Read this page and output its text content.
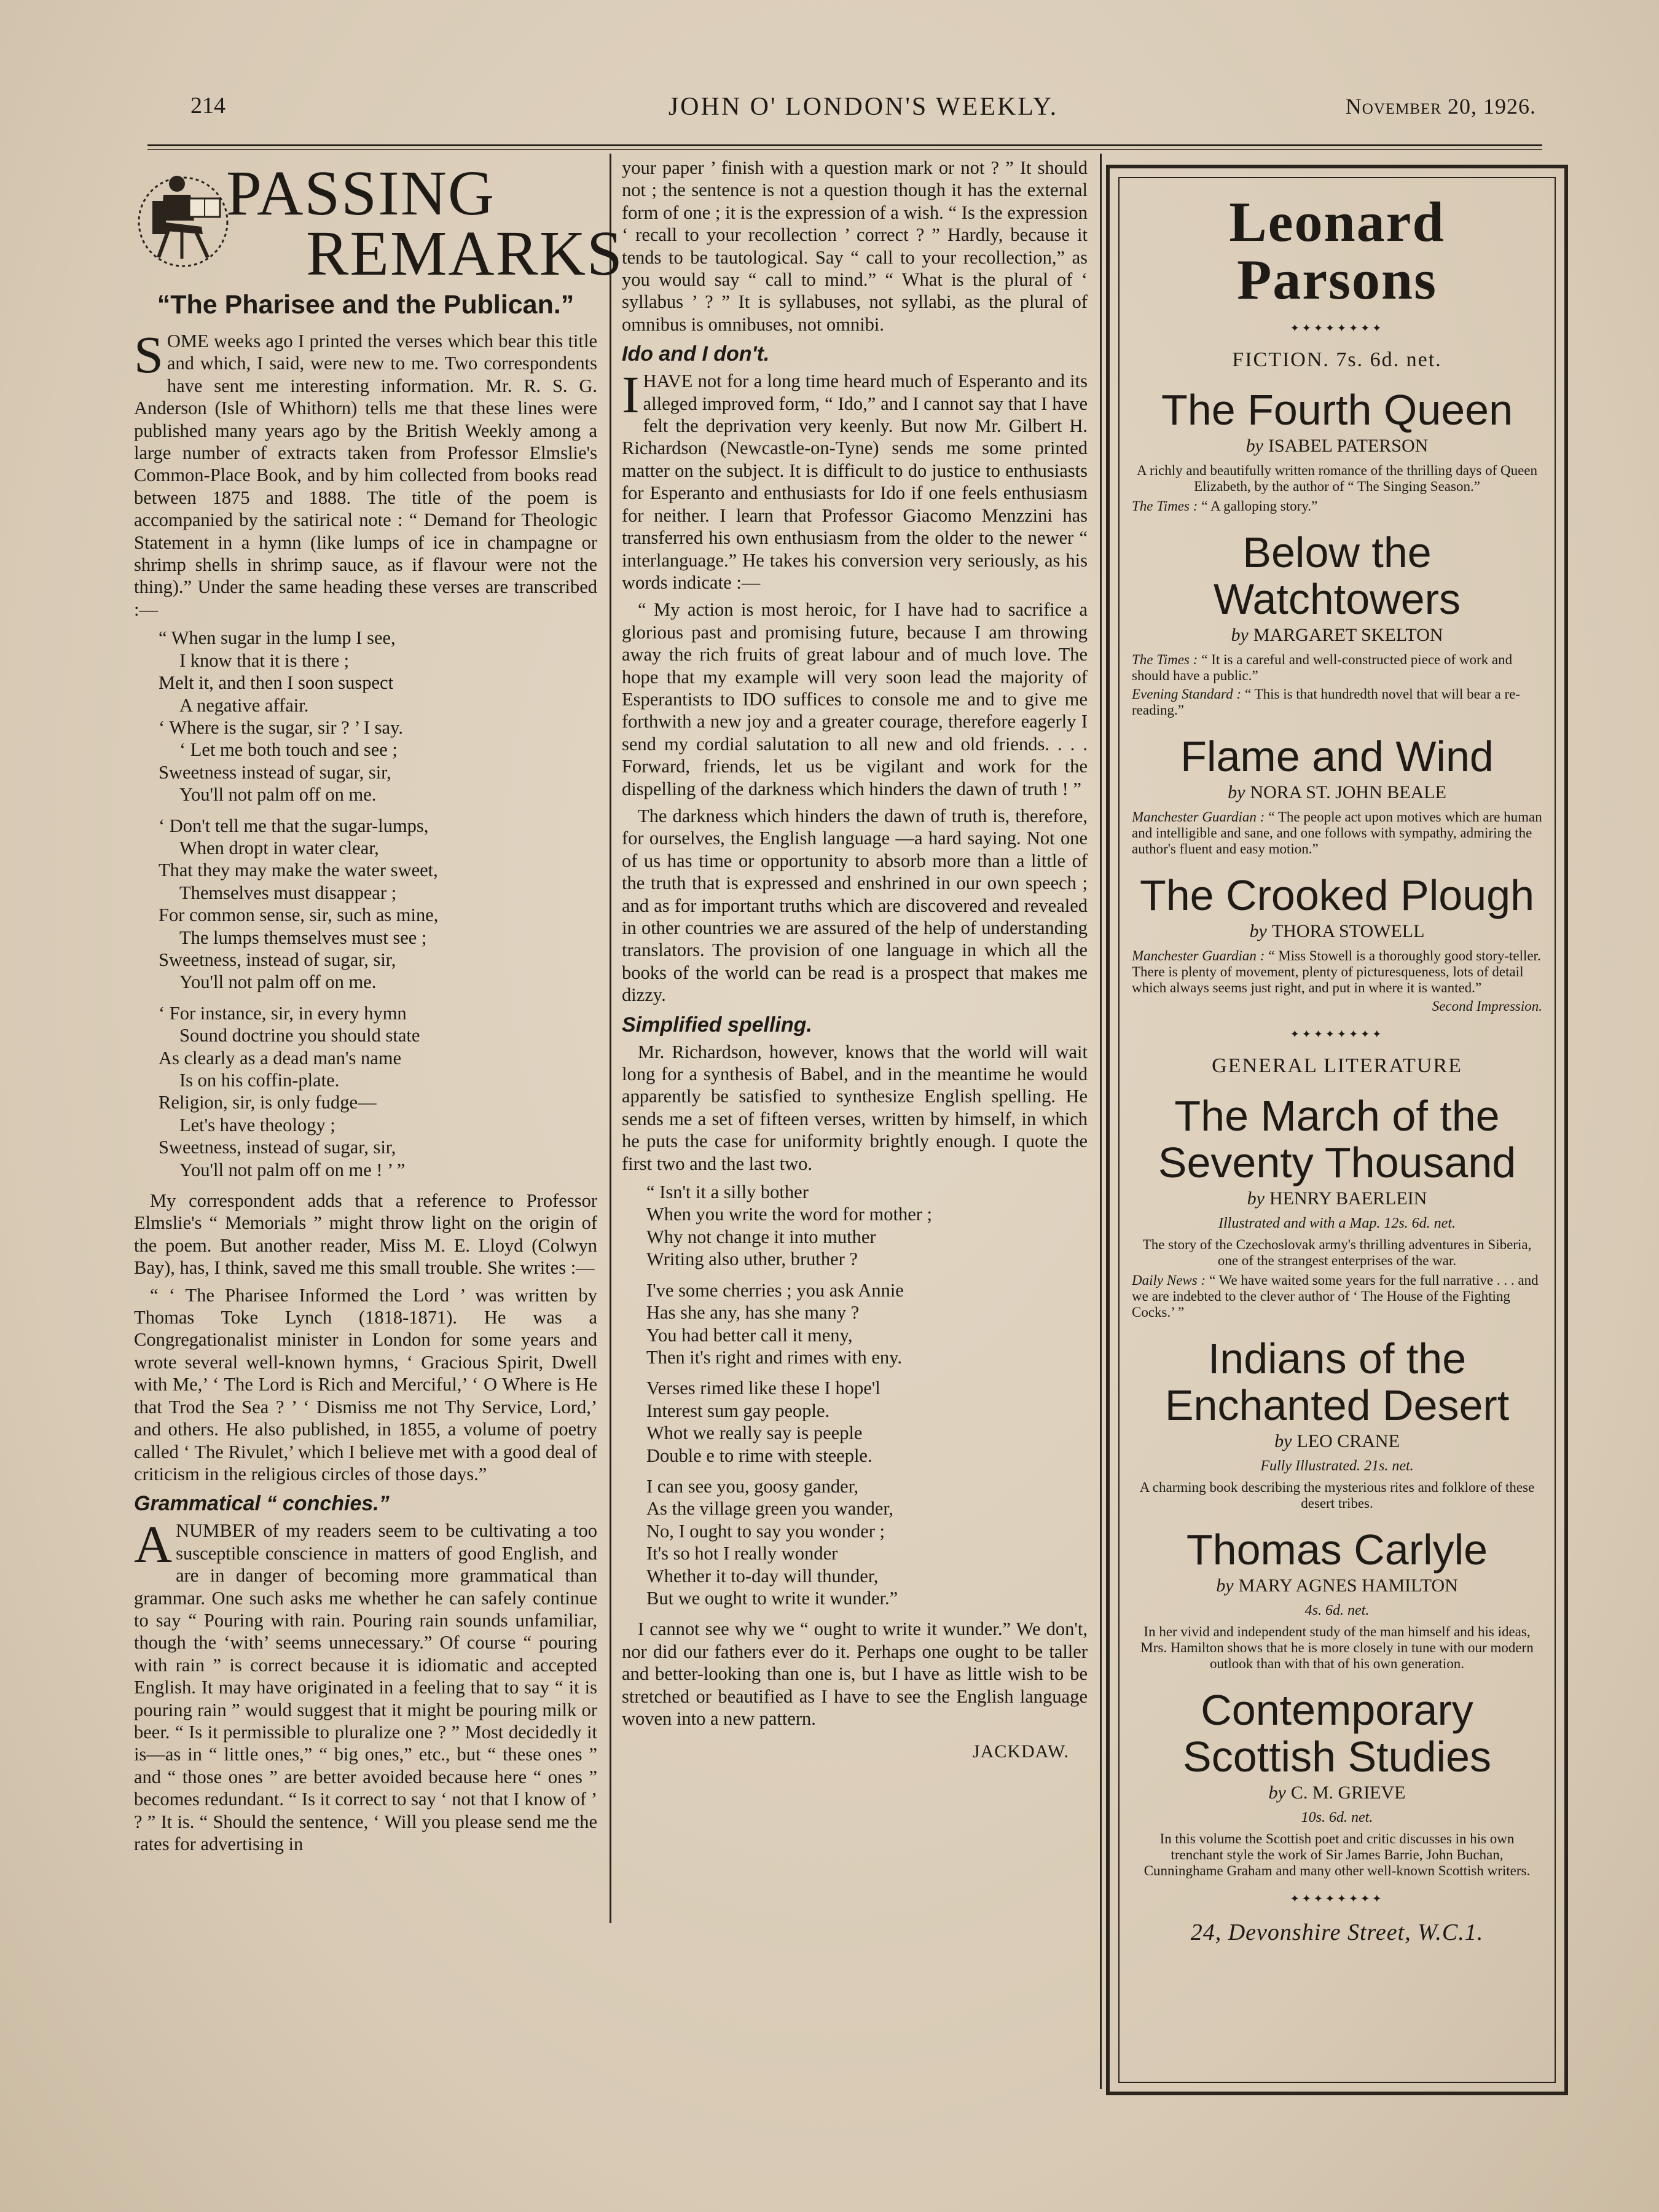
214	JOHN O' LONDON'S WEEKLY.	November 20, 1926.
PASSING
REMARKS
“The Pharisee and the Publican.”

SOME weeks ago I printed the verses which bear this title and which, I said, were new to me. Two correspondents have sent me interesting information. Mr. R. S. G. Anderson (Isle of Whithorn) tells me that these lines were published many years ago by the British Weekly among a large number of extracts taken from Professor Elmslie's Common-Place Book, and by him collected from books read between 1875 and 1888. The title of the poem is accompanied by the satirical note : “ Demand for Theologic Statement in a hymn (like lumps of ice in champagne or shrimp shells in shrimp sauce, as if flavour were not the thing).” Under the same heading these verses are transcribed :—

“ When sugar in the lump I see,
I know that it is there ;
Melt it, and then I soon suspect
A negative affair.
‘ Where is the sugar, sir ? ’ I say.
‘ Let me both touch and see ;
Sweetness instead of sugar, sir,
You'll not palm off on me.
‘ Don't tell me that the sugar-lumps,
When dropt in water clear,
That they may make the water sweet,
Themselves must disappear ;
For common sense, sir, such as mine,
The lumps themselves must see ;
Sweetness, instead of sugar, sir,
You'll not palm off on me.
‘ For instance, sir, in every hymn
Sound doctrine you should state
As clearly as a dead man's name
Is on his coffin-plate.
Religion, sir, is only fudge—
Let's have theology ;
Sweetness, instead of sugar, sir,
You'll not palm off on me ! ’ ”

My correspondent adds that a reference to Professor Elmslie's “ Memorials ” might throw light on the origin of the poem. But another reader, Miss M. E. Lloyd (Colwyn Bay), has, I think, saved me this small trouble. She writes :—

“ ‘ The Pharisee Informed the Lord ’ was written by Thomas Toke Lynch (1818-1871). He was a Congregationalist minister in London for some years and wrote several well-known hymns, ‘ Gracious Spirit, Dwell with Me,’ ‘ The Lord is Rich and Merciful,’ ‘ O Where is He that Trod the Sea ? ’ ‘ Dismiss me not Thy Service, Lord,’ and others. He also published, in 1855, a volume of poetry called ‘ The Rivulet,’ which I believe met with a good deal of criticism in the religious circles of those days.”

Grammatical “ conchies.”

ANUMBER of my readers seem to be cultivating a too susceptible conscience in matters of good English, and are in danger of becoming more grammatical than grammar. One such asks me whether he can safely continue to say “ Pouring with rain. Pouring rain sounds unfamiliar, though the ‘with’ seems unnecessary.” Of course “ pouring with rain ” is correct because it is idiomatic and accepted English. It may have originated in a feeling that to say “ it is pouring rain ” would suggest that it might be pouring milk or beer. “ Is it permissible to pluralize one ? ” Most decidedly it is—as in “ little ones,” “ big ones,” etc., but “ these ones ” and “ those ones ” are better avoided because here “ ones ” becomes redundant. “ Is it correct to say ‘ not that I know of ’ ? ” It is. “ Should the sentence, ‘ Will you please send me the rates for advertising in

your paper ’ finish with a question mark or not ? ” It should not ; the sentence is not a question though it has the external form of one ; it is the expression of a wish. “ Is the expression ‘ recall to your recollection ’ correct ? ” Hardly, because it tends to be tautological. Say “ call to your recollection,” as you would say “ call to mind.” “ What is the plural of ‘ syllabus ’ ? ” It is syllabuses, not syllabi, as the plural of omnibus is omnibuses, not omnibi.

Ido and I don't.

IHAVE not for a long time heard much of Esperanto and its alleged improved form, “ Ido,” and I cannot say that I have felt the deprivation very keenly. But now Mr. Gilbert H. Richardson (Newcastle-on-Tyne) sends me some printed matter on the subject. It is difficult to do justice to enthusiasts for Esperanto and enthusiasts for Ido if one feels enthusiasm for neither. I learn that Professor Giacomo Menzzini has transferred his own enthusiasm from the older to the newer “ interlanguage.” He takes his conversion very seriously, as his words indicate :—

“ My action is most heroic, for I have had to sacrifice a glorious past and promising future, because I am throwing away the rich fruits of great labour and of much love. The hope that my example will very soon lead the majority of Esperantists to IDO suffices to console me and to give me forthwith a new joy and a greater courage, therefore eagerly I send my cordial salutation to all new and old friends. . . . Forward, friends, let us be vigilant and work for the dispelling of the darkness which hinders the dawn of truth ! ”

The darkness which hinders the dawn of truth is, therefore, for ourselves, the English language —a hard saying. Not one of us has time or opportunity to absorb more than a little of the truth that is expressed and enshrined in our own speech ; and as for important truths which are discovered and revealed in other countries we are assured of the help of understanding translators. The provision of one language in which all the books of the world can be read is a prospect that makes me dizzy.

Simplified spelling.

Mr. Richardson, however, knows that the world will wait long for a synthesis of Babel, and in the meantime he would apparently be satisfied to synthesize English spelling. He sends me a set of fifteen verses, written by himself, in which he puts the case for uniformity brightly enough. I quote the first two and the last two.

“ Isn't it a silly bother
When you write the word for mother ;
Why not change it into muther
Writing also uther, bruther ?
I've some cherries ; you ask Annie
Has she any, has she many ?
You had better call it meny,
Then it's right and rimes with eny.
Verses rimed like these I hope'l
Interest sum gay people.
Whot we really say is peeple
Double e to rime with steeple.
I can see you, goosy gander,
As the village green you wander,
No, I ought to say you wonder ;
It's so hot I really wonder
Whether it to-day will thunder,
But we ought to write it wunder.”

I cannot see why we “ ought to write it wunder.” We don't, nor did our fathers ever do it. Perhaps one ought to be taller and better-looking than one is, but I have as little wish to be stretched or beautified as I have to see the English language woven into a new pattern.

JACKDAW.
Leonard Parsons
✦✦✦✦✦✦✦✦
FICTION. 7s. 6d. net.
The Fourth Queen
by ISABEL PATERSON
A richly and beautifully written romance of the thrilling days of Queen Elizabeth, by the author of “ The Singing Season.”
The Times : “ A galloping story.”
Below the Watchtowers
by MARGARET SKELTON
The Times : “ It is a careful and well-constructed piece of work and should have a public.”
Evening Standard : “ This is that hundredth novel that will bear a re-reading.”
Flame and Wind
by NORA ST. JOHN BEALE
Manchester Guardian : “ The people act upon motives which are human and intelligible and sane, and one follows with sympathy, admiring the author's fluent and easy motion.”
The Crooked Plough
by THORA STOWELL
Manchester Guardian : “ Miss Stowell is a thoroughly good story-teller. There is plenty of movement, plenty of picturesqueness, lots of detail which always seems just right, and put in where it is wanted.”
Second Impression.
✦✦✦✦✦✦✦✦
GENERAL LITERATURE
The March of the Seventy Thousand
by HENRY BAERLEIN
Illustrated and with a Map. 12s. 6d. net.
The story of the Czechoslovak army's thrilling adventures in Siberia, one of the strangest enterprises of the war.
Daily News : “ We have waited some years for the full narrative . . . and we are indebted to the clever author of ‘ The House of the Fighting Cocks.’ ”
Indians of the Enchanted Desert
by LEO CRANE
Fully Illustrated. 21s. net.
A charming book describing the mysterious rites and folklore of these desert tribes.
Thomas Carlyle
by MARY AGNES HAMILTON
4s. 6d. net.
In her vivid and independent study of the man himself and his ideas, Mrs. Hamilton shows that he is more closely in tune with our modern outlook than with that of his own generation.
Contemporary Scottish Studies
by C. M. GRIEVE
10s. 6d. net.
In this volume the Scottish poet and critic discusses in his own trenchant style the work of Sir James Barrie, John Buchan, Cunninghame Graham and many other well-known Scottish writers.
✦✦✦✦✦✦✦✦
24, Devonshire Street, W.C.1.
